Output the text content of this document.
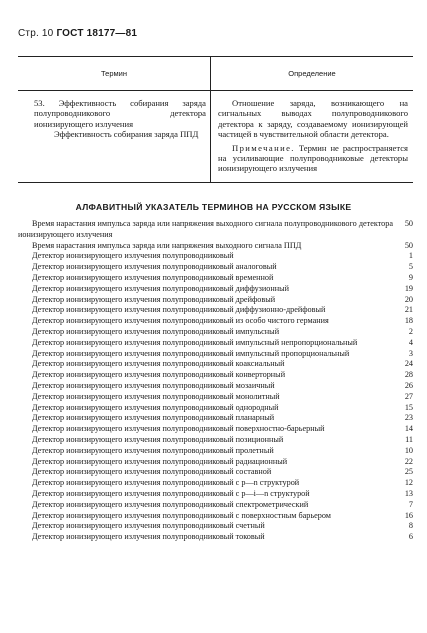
Стр. 10 ГОСТ 18177—81
Термин	Определение
53. Эффективность собирания заряда полупроводникового детектора ионизирующего излучения
Эффективность собирания заряда ППД

Отношение заряда, возникающего на сигнальных выводах полупроводникового детектора к заряду, создаваемому ионизирующей частицей в чувствительной области детектора.

Примечание. Термин не распространяется на усиливающие полупроводниковые детекторы ионизирующего излучения

АЛФАВИТНЫЙ УКАЗАТЕЛЬ ТЕРМИНОВ НА РУССКОМ ЯЗЫКЕ
Время нарастания импульса заряда или напряжения выходного сигнала полупроводникового детектора ионизирующего излучения
50
Время нарастания импульса заряда или напряжения выходного сигнала ППД	50
Детектор ионизирующего излучения полупроводниковый	1
Детектор ионизирующего излучения полупроводниковый аналоговый	5
Детектор ионизирующего излучения полупроводниковый временной	9
Детектор ионизирующего излучения полупроводниковый диффузионный	19
Детектор ионизирующего излучения полупроводниковый дрейфовый	20
Детектор ионизирующего излучения полупроводниковый диффузионно-дрейфовый	21
Детектор ионизирующего излучения полупроводниковый из особо чистого германия	18
Детектор ионизирующего излучения полупроводниковый импульсный	2
Детектор ионизирующего излучения полупроводниковый импульсный непропорциональный	4
Детектор ионизирующего излучения полупроводниковый импульсный пропорциональный	3
Детектор ионизирующего излучения полупроводниковый коаксиальный	24
Детектор ионизирующего излучения полупроводниковый конверторный	28
Детектор ионизирующего излучения полупроводниковый мозаичный	26
Детектор ионизирующего излучения полупроводниковый монолитный	27
Детектор ионизирующего излучения полупроводниковый однородный	15
Детектор ионизирующего излучения полупроводниковый планарный	23
Детектор ионизирующего излучения полупроводниковый поверхностно-барьерный	14
Детектор ионизирующего излучения полупроводниковый позиционный	11
Детектор ионизирующего излучения полупроводниковый пролетный	10
Детектор ионизирующего излучения полупроводниковый радиационный	22
Детектор ионизирующего излучения полупроводниковый составной	25
Детектор ионизирующего излучения полупроводниковый с p—n структурой	12
Детектор ионизирующего излучения полупроводниковый с p—i—n структурой	13
Детектор ионизирующего излучения полупроводниковый спектрометрический	7
Детектор ионизирующего излучения полупроводниковый с поверхностным барьером	16
Детектор ионизирующего излучения полупроводниковый счетный	8
Детектор ионизирующего излучения полупроводниковый токовый	6
